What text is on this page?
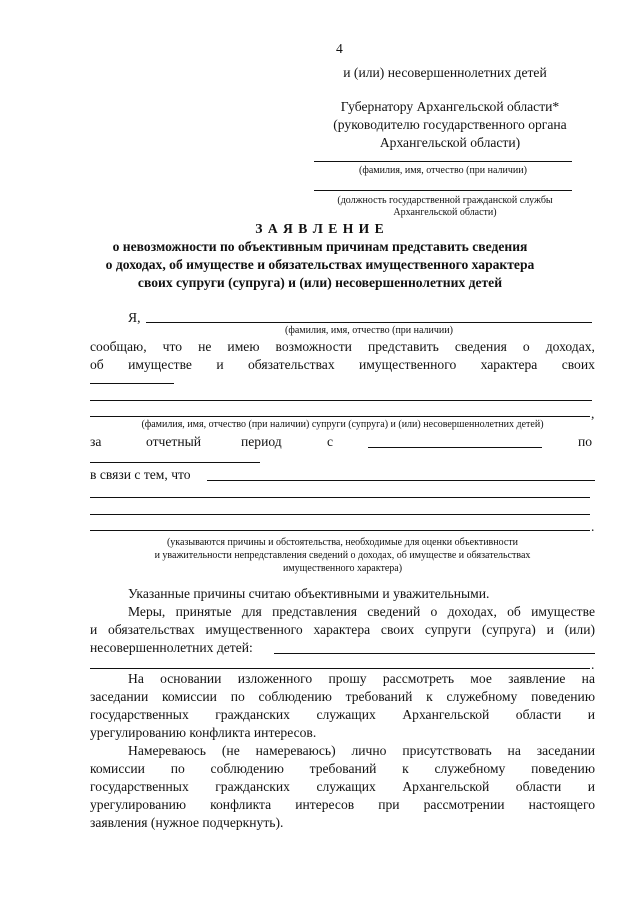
4
и (или) несовершеннолетних детей
Губернатору Архангельской области*
(руководителю государственного органа
Архангельской области)
(фамилия, имя, отчество (при наличии)
(должность государственной гражданской службы
Архангельской области)
З А Я В Л Е Н И Е
о невозможности по объективным причинам представить сведения
о доходах, об имуществе и обязательствах имущественного характера
своих супруги (супруга) и (или) несовершеннолетних детей
Я,
(фамилия, имя, отчество (при наличии)
сообщаю, что не имею возможности представить сведения о доходах,
об имуществе и обязательствах имущественного характера своих
,
(фамилия, имя, отчество (при наличии) супруги (супруга) и (или) несовершеннолетних детей)
за	отчетный	период	с	по
в связи с тем, что
.
(указываются причины и обстоятельства, необходимые для оценки объективности
и уважительности непредставления сведений о доходах, об имуществе и обязательствах
имущественного характера)
Указанные причины считаю объективными и уважительными.
Меры, принятые для представления сведений о доходах, об имуществе
и обязательствах имущественного характера своих супруги (супруга) и (или)
несовершеннолетних детей:
.
На основании изложенного прошу рассмотреть мое заявление на
заседании комиссии по соблюдению требований к служебному поведению
государственных гражданских служащих Архангельской области и
урегулированию конфликта интересов.
Намереваюсь (не намереваюсь) лично присутствовать на заседании
комиссии по соблюдению требований к служебному поведению
государственных гражданских служащих Архангельской области и
урегулированию конфликта интересов при рассмотрении настоящего
заявления (нужное подчеркнуть).
